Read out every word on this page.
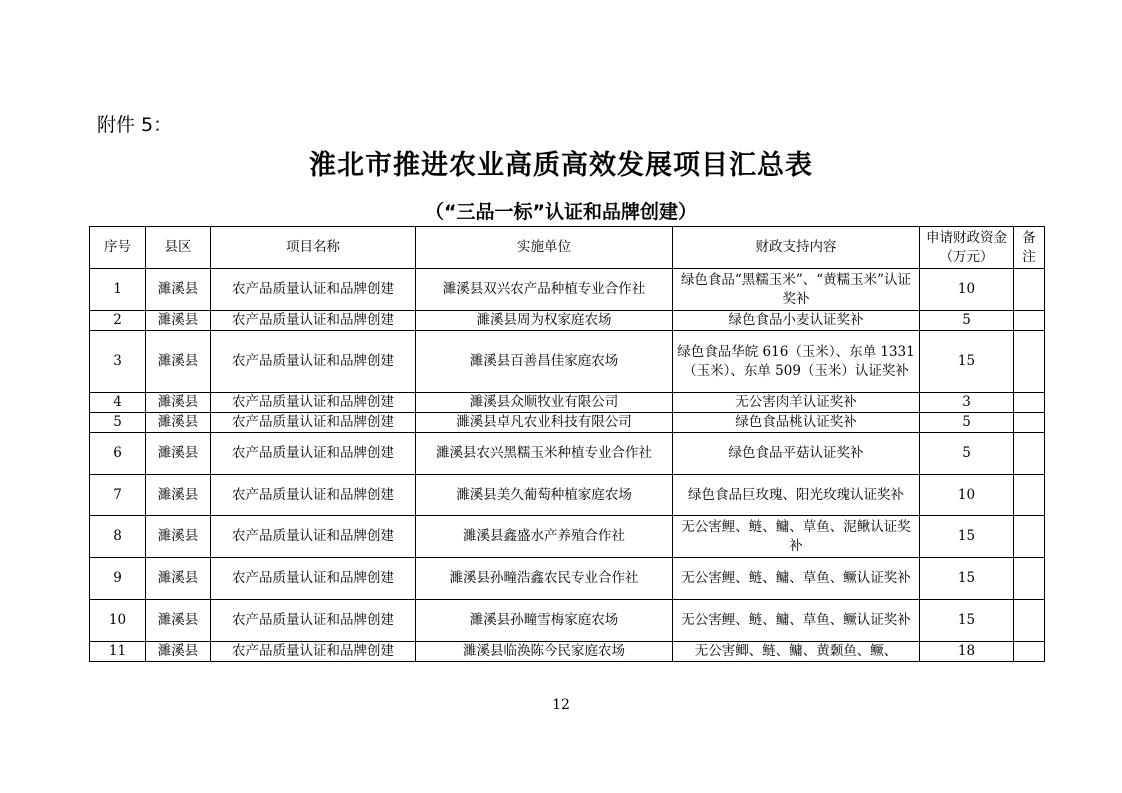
附件 5：
淮北市推进农业高质高效发展项目汇总表
（“三品一标”认证和品牌创建）
序号	县区	项目名称	实施单位	财政支持内容	申请财政资金（万元）	备注
1	濉溪县	农产品质量认证和品牌创建	濉溪县双兴农产品种植专业合作社	绿色食品“黑糯玉米”、“黄糯玉米”认证奖补	10	
2	濉溪县	农产品质量认证和品牌创建	濉溪县周为权家庭农场	绿色食品小麦认证奖补	5	
3	濉溪县	农产品质量认证和品牌创建	濉溪县百善昌佳家庭农场	绿色食品华皖 616（玉米）、东单 1331（玉米）、东单 509（玉米）认证奖补	15	
4	濉溪县	农产品质量认证和品牌创建	濉溪县众顺牧业有限公司	无公害肉羊认证奖补	3	
5	濉溪县	农产品质量认证和品牌创建	濉溪县卓凡农业科技有限公司	绿色食品桃认证奖补	5	
6	濉溪县	农产品质量认证和品牌创建	濉溪县农兴黑糯玉米种植专业合作社	绿色食品平菇认证奖补	5	
7	濉溪县	农产品质量认证和品牌创建	濉溪县美久葡萄种植家庭农场	绿色食品巨玫瑰、阳光玫瑰认证奖补	10	
8	濉溪县	农产品质量认证和品牌创建	濉溪县鑫盛水产养殖合作社	无公害鲤、鲢、鳙、草鱼、泥鳅认证奖补	15	
9	濉溪县	农产品质量认证和品牌创建	濉溪县孙疃浩鑫农民专业合作社	无公害鲤、鲢、鳙、草鱼、鳜认证奖补	15	
10	濉溪县	农产品质量认证和品牌创建	濉溪县孙疃雪梅家庭农场	无公害鲤、鲢、鳙、草鱼、鳜认证奖补	15	
11	濉溪县	农产品质量认证和品牌创建	濉溪县临涣陈今民家庭农场	无公害鲫、鲢、鳙、黄颡鱼、鳜、	18	
12
